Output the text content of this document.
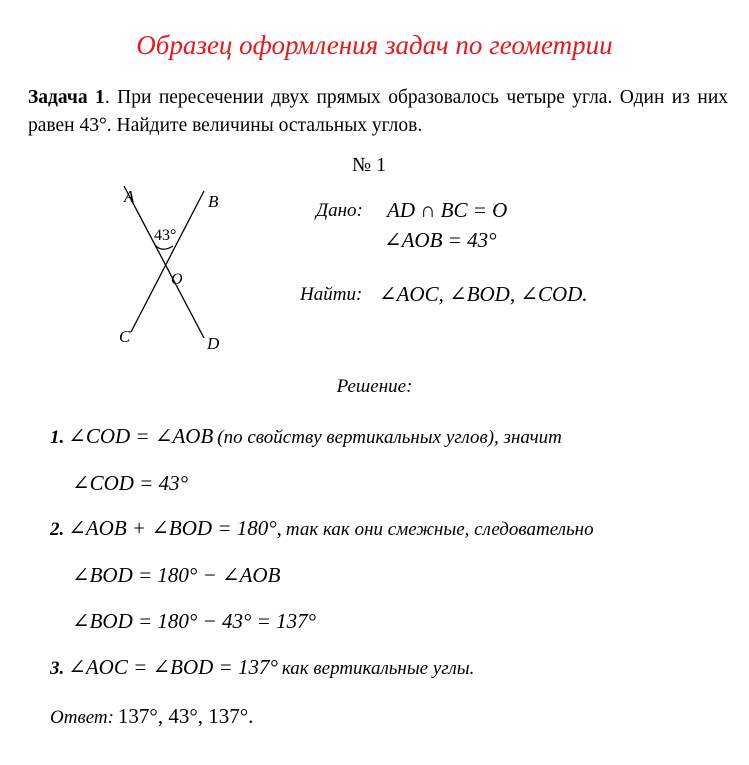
Образец оформления задач по геометрии
Задача 1. При пересечении двух прямых образовалось четыре угла. Один из них равен 43°. Найдите величины остальных углов.
№ 1
A	B
C	D
O
43°
Дано: AD ∩ BC = O
∠AOB = 43°
Найти: ∠AOC, ∠BOD, ∠COD.
Решение:
1. ∠COD = ∠AOB (по свойству вертикальных углов), значит
∠COD = 43°
2. ∠AOB + ∠BOD = 180°, так как они смежные, следовательно
∠BOD = 180° − ∠AOB
∠BOD = 180° − 43° = 137°
3. ∠AOC = ∠BOD = 137° как вертикальные углы.
Ответ: 137°, 43°, 137°.
